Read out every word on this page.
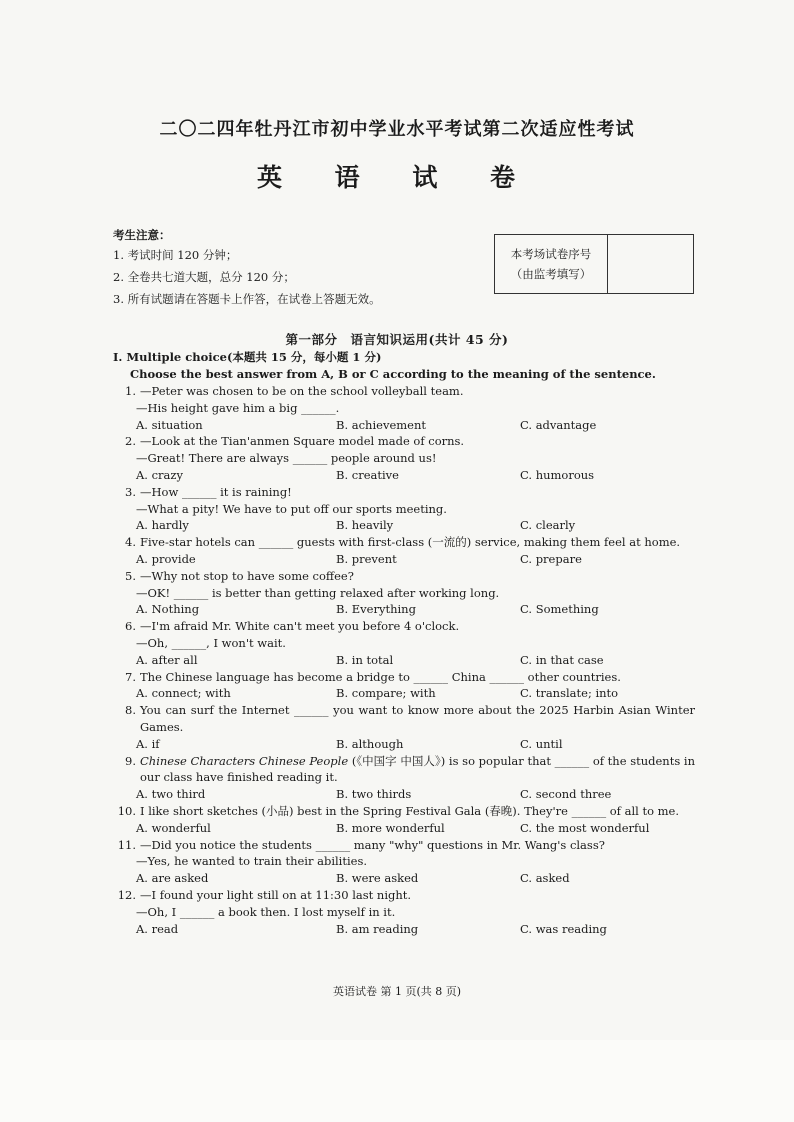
二〇二四年牡丹江市初中学业水平考试第二次适应性考试
英 语 试 卷
考生注意：
1. 考试时间 120 分钟；
2. 全卷共七道大题，总分 120 分；
3. 所有试题请在答题卡上作答，在试卷上答题无效。
本考场试卷序号
（由监考填写）
第一部分　语言知识运用(共计 45 分)
I. Multiple choice(本题共 15 分，每小题 1 分)
Choose the best answer from A, B or C according to the meaning of the sentence.
1. —Peter was chosen to be on the school volleyball team.
—His height gave him a big ______.
A. situation	B. achievement	C. advantage
2. —Look at the Tian'anmen Square model made of corns.
—Great! There are always ______ people around us!
A. crazy	B. creative	C. humorous
3. —How ______ it is raining!
—What a pity! We have to put off our sports meeting.
A. hardly	B. heavily	C. clearly
4. Five-star hotels can ______ guests with first-class (一流的) service, making them feel at home.
A. provide	B. prevent	C. prepare
5. —Why not stop to have some coffee?
—OK! ______ is better than getting relaxed after working long.
A. Nothing	B. Everything	C. Something
6. —I'm afraid Mr. White can't meet you before 4 o'clock.
—Oh, ______, I won't wait.
A. after all	B. in total	C. in that case
7. The Chinese language has become a bridge to ______ China ______ other countries.
A. connect; with	B. compare; with	C. translate; into
8. You can surf the Internet ______ you want to know more about the 2025 Harbin Asian Winter Games.
A. if	B. although	C. until
9. Chinese Characters Chinese People (《中国字 中国人》) is so popular that ______ of the students in our class have finished reading it.
A. two third	B. two thirds	C. second three
10. I like short sketches (小品) best in the Spring Festival Gala (春晚). They're ______ of all to me.
A. wonderful	B. more wonderful	C. the most wonderful
11. —Did you notice the students ______ many "why" questions in Mr. Wang's class?
—Yes, he wanted to train their abilities.
A. are asked	B. were asked	C. asked
12. —I found your light still on at 11:30 last night.
—Oh, I ______ a book then. I lost myself in it.
A. read	B. am reading	C. was reading
英语试卷 第 1 页(共 8 页)
